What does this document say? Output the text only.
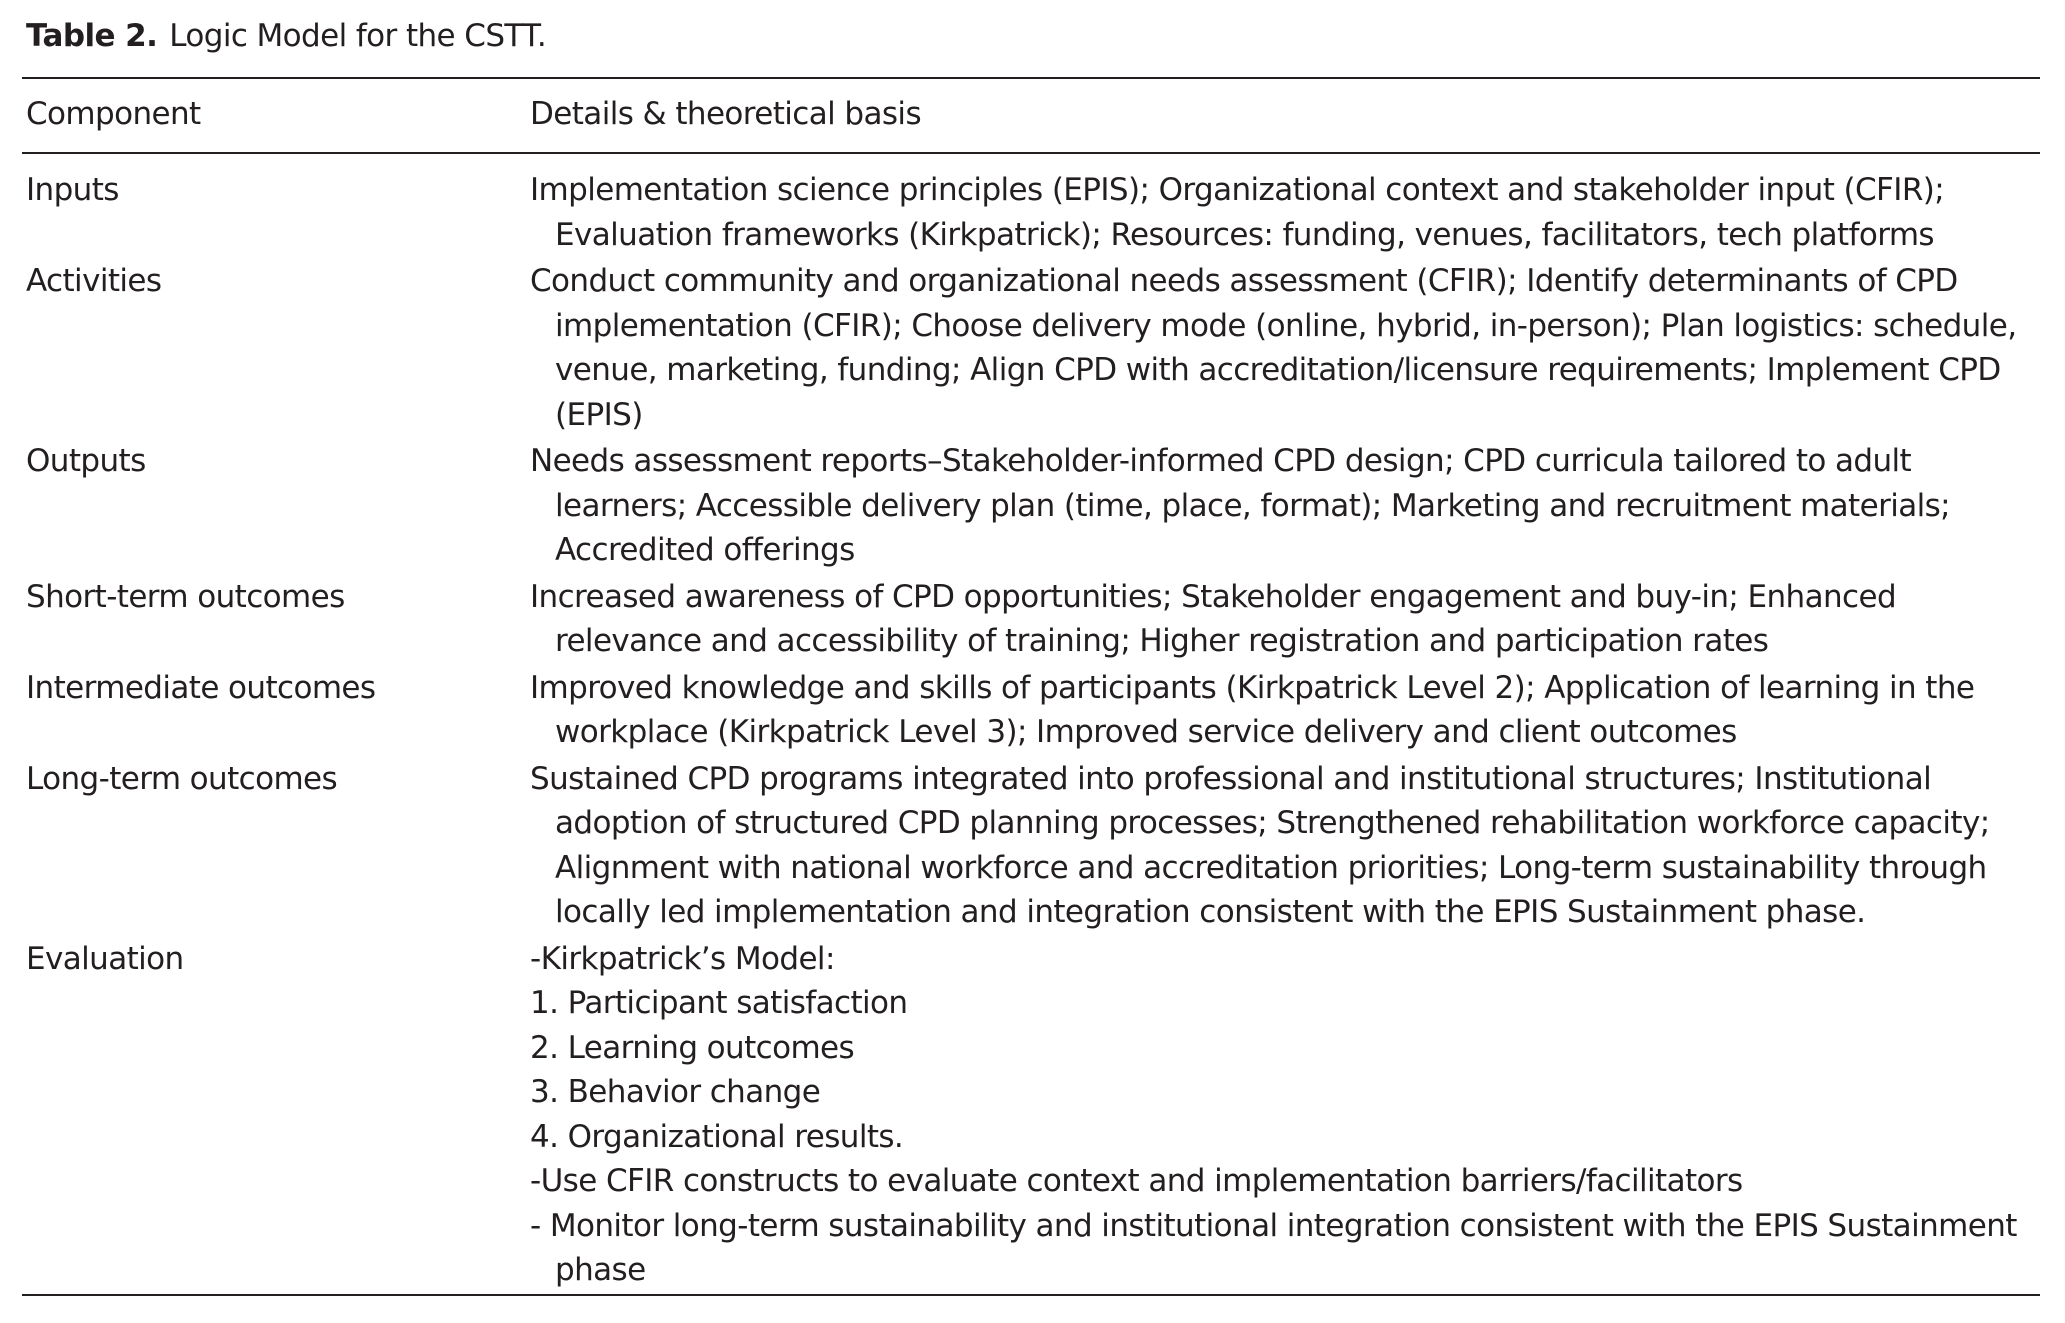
Table 2. Logic Model for the CSTT.
Component	Details & theoretical basis
Inputs	Implementation science principles (EPIS); Organizational context and stakeholder input (CFIR); Evaluation frameworks (Kirkpatrick); Resources: funding, venues, facilitators, tech platforms
Activities	Conduct community and organizational needs assessment (CFIR); Identify determinants of CPD implementation (CFIR); Choose delivery mode (online, hybrid, in-person); Plan logistics: schedule, venue, marketing, funding; Align CPD with accreditation/licensure requirements; Implement CPD (EPIS)
Outputs	Needs assessment reports–Stakeholder-informed CPD design; CPD curricula tailored to adult learners; Accessible delivery plan (time, place, format); Marketing and recruitment materials; Accredited offerings
Short-term outcomes	Increased awareness of CPD opportunities; Stakeholder engagement and buy-in; Enhanced relevance and accessibility of training; Higher registration and participation rates
Intermediate outcomes	Improved knowledge and skills of participants (Kirkpatrick Level 2); Application of learning in the workplace (Kirkpatrick Level 3); Improved service delivery and client outcomes
Long-term outcomes	Sustained CPD programs integrated into professional and institutional structures; Institutional adoption of structured CPD planning processes; Strengthened rehabilitation workforce capacity; Alignment with national workforce and accreditation priorities; Long-term sustainability through locally led implementation and integration consistent with the EPIS Sustainment phase.
Evaluation	-Kirkpatrick’s Model:
1. Participant satisfaction
2. Learning outcomes
3. Behavior change
4. Organizational results.
-Use CFIR constructs to evaluate context and implementation barriers/facilitators
- Monitor long-term sustainability and institutional integration consistent with the EPIS Sustainment phase
